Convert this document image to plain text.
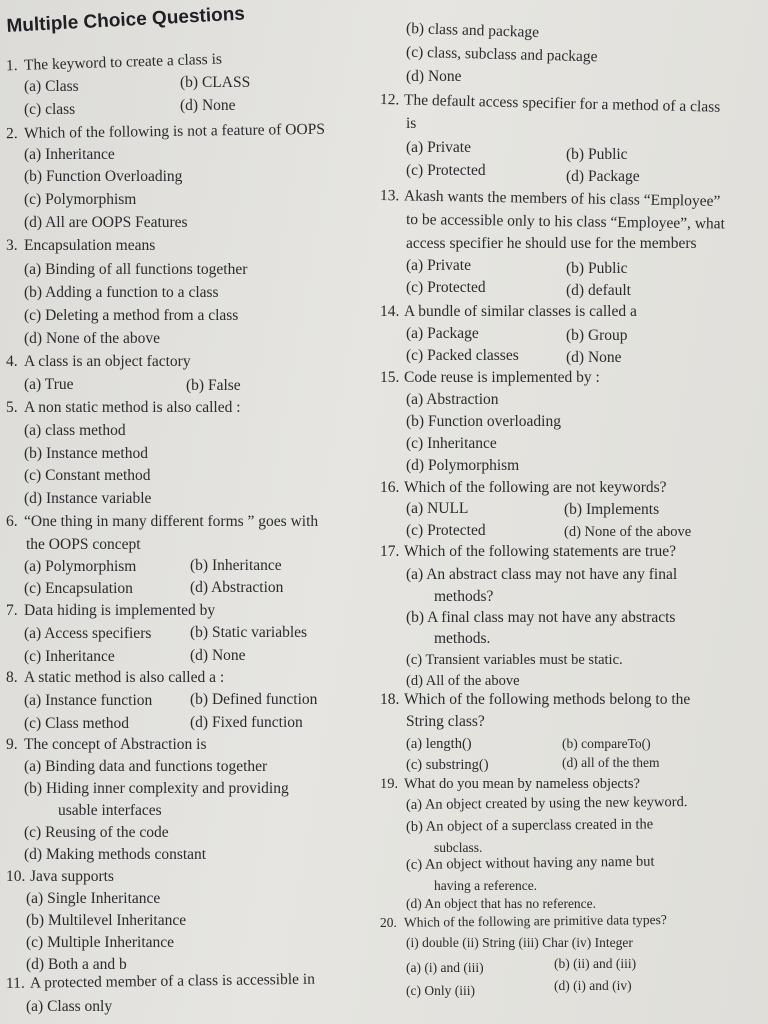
Multiple Choice Questions
1. The keyword to create a class is
(a) Class	(b) CLASS
(c) class	(d) None
2. Which of the following is not a feature of OOPS
(a) Inheritance
(b) Function Overloading
(c) Polymorphism
(d) All are OOPS Features
3. Encapsulation means
(a) Binding of all functions together
(b) Adding a function to a class
(c) Deleting a method from a class
(d) None of the above
4. A class is an object factory
(a) True	(b) False
5. A non static method is also called :
(a) class method
(b) Instance method
(c) Constant method
(d) Instance variable
6. “One thing in many different forms ” goes with
the OOPS concept
(a) Polymorphism	(b) Inheritance
(c) Encapsulation	(d) Abstraction
7. Data hiding is implemented by
(a) Access specifiers (b) Static variables
(c) Inheritance	(d) None
8. A static method is also called a :
(a) Instance function (b) Defined function
(c) Class method	(d) Fixed function
9. The concept of Abstraction is
(a) Binding data and functions together
(b) Hiding inner complexity and providing
usable interfaces
(c) Reusing of the code
(d) Making methods constant
10. Java supports
(a) Single Inheritance
(b) Multilevel Inheritance
(c) Multiple Inheritance
(d) Both a and b
11. A protected member of a class is accessible in
(a) Class only
(b) class and package
(c) class, subclass and package
(d) None
12. The default access specifier for a method of a class
is
(a) Private	(b) Public
(c) Protected	(d) Package
13. Akash wants the members of his class “Employee”
to be accessible only to his class “Employee”, what
access specifier he should use for the members
(a) Private	(b) Public
(c) Protected	(d) default
14. A bundle of similar classes is called a
(a) Package	(b) Group
(c) Packed classes	(d) None
15. Code reuse is implemented by :
(a) Abstraction
(b) Function overloading
(c) Inheritance
(d) Polymorphism
16. Which of the following are not keywords?
(a) NULL	(b) Implements
(c) Protected	(d) None of the above
17. Which of the following statements are true?
(a) An abstract class may not have any final
methods?
(b) A final class may not have any abstracts
methods.
(c) Transient variables must be static.
(d) All of the above
18. Which of the following methods belong to the
String class?
(a) length()	(b) compareTo()
(c) substring()	(d) all of the them
19. What do you mean by nameless objects?
(a) An object created by using the new keyword.
(b) An object of a superclass created in the
subclass.
(c) An object without having any name but
having a reference.
(d) An object that has no reference.
20. Which of the following are primitive data types?
(i) double (ii) String (iii) Char (iv) Integer
(a) (i) and (iii)	(b) (ii) and (iii)
(c) Only (iii)	(d) (i) and (iv)
